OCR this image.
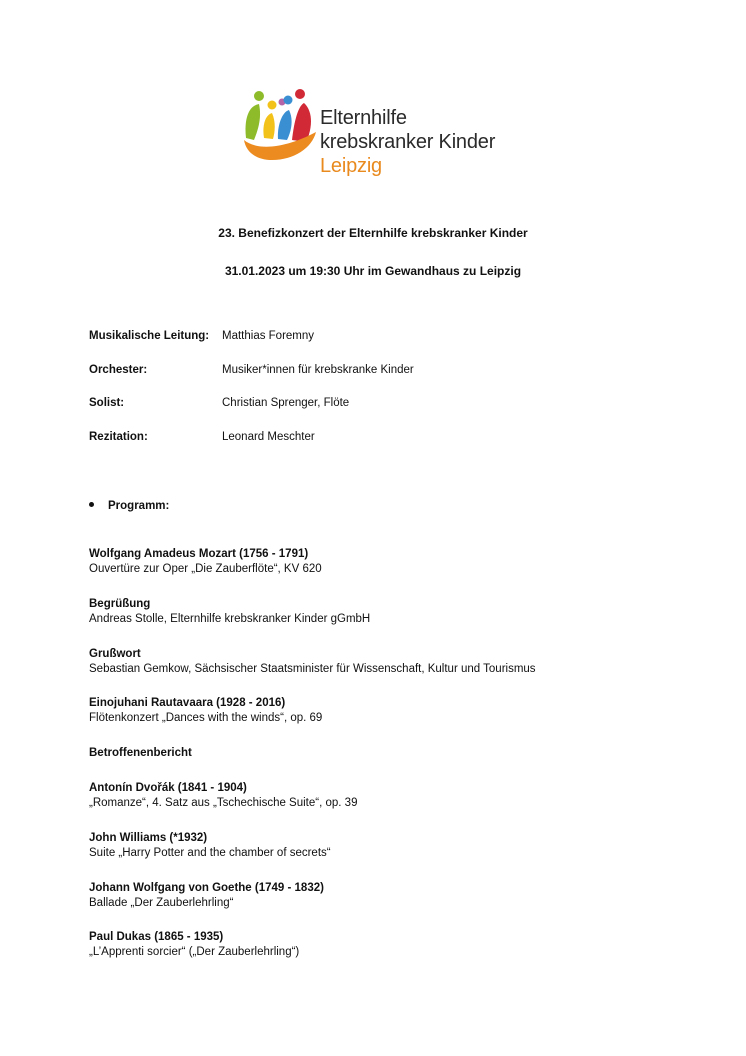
Elternhilfe
krebskranker Kinder
Leipzig
23. Benefizkonzert der Elternhilfe krebskranker Kinder
31.01.2023 um 19:30 Uhr im Gewandhaus zu Leipzig
Musikalische Leitung: Matthias Foremny
Orchester:	Musiker*innen für krebskranke Kinder
Solist:	Christian Sprenger, Flöte
Rezitation:	Leonard Meschter
Programm:
Wolfgang Amadeus Mozart (1756 - 1791)
Ouvertüre zur Oper „Die Zauberflöte“, KV 620
Begrüßung
Andreas Stolle, Elternhilfe krebskranker Kinder gGmbH
Grußwort
Sebastian Gemkow, Sächsischer Staatsminister für Wissenschaft, Kultur und Tourismus
Einojuhani Rautavaara (1928 - 2016)
Flötenkonzert „Dances with the winds“, op. 69
Betroffenenbericht
Antonín Dvořák (1841 - 1904)
„Romanze“, 4. Satz aus „Tschechische Suite“, op. 39
John Williams (*1932)
Suite „Harry Potter and the chamber of secrets“
Johann Wolfgang von Goethe (1749 - 1832)
Ballade „Der Zauberlehrling“
Paul Dukas (1865 - 1935)
„L’Apprenti sorcier“ („Der Zauberlehrling“)
